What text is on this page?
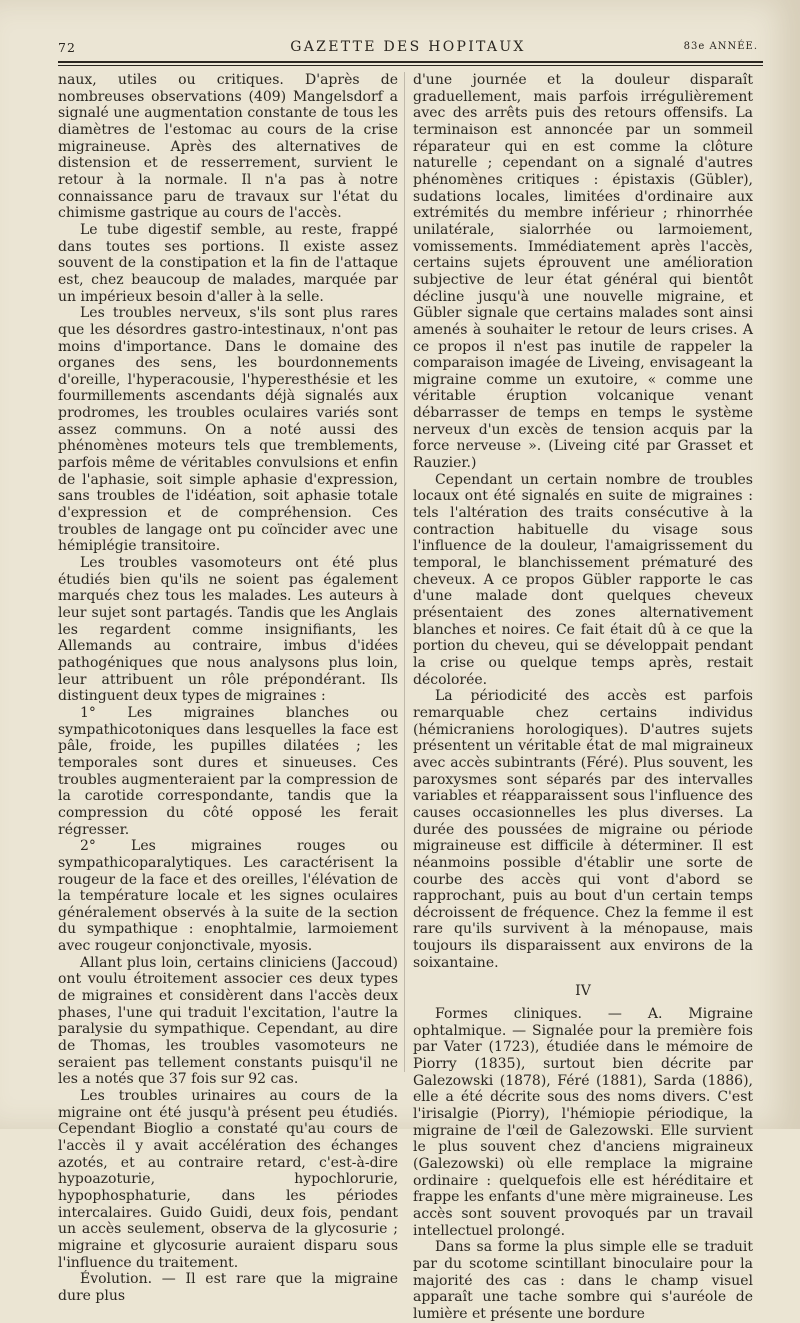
72	GAZETTE DES HOPITAUX	83e ANNÉE.

naux, utiles ou critiques. D'après de nombreuses observations (409) Mangelsdorf a signalé une augmentation constante de tous les diamètres de l'estomac au cours de la crise migraineuse. Après des alternatives de distension et de resserrement, survient le retour à la normale. Il n'a pas à notre connaissance paru de travaux sur l'état du chimisme gastrique au cours de l'accès.

Le tube digestif semble, au reste, frappé dans toutes ses portions. Il existe assez souvent de la constipation et la fin de l'attaque est, chez beaucoup de malades, marquée par un impérieux besoin d'aller à la selle.

Les troubles nerveux, s'ils sont plus rares que les désordres gastro-intestinaux, n'ont pas moins d'importance. Dans le domaine des organes des sens, les bourdonnements d'oreille, l'hyperacousie, l'hyperesthésie et les fourmillements ascendants déjà signalés aux prodromes, les troubles oculaires variés sont assez communs. On a noté aussi des phénomènes moteurs tels que tremblements, parfois même de véritables convulsions et enfin de l'aphasie, soit simple aphasie d'expression, sans troubles de l'idéation, soit aphasie totale d'expression et de compréhension. Ces troubles de langage ont pu coïncider avec une hémiplégie transitoire.

Les troubles vasomoteurs ont été plus étudiés bien qu'ils ne soient pas également marqués chez tous les malades. Les auteurs à leur sujet sont partagés. Tandis que les Anglais les regardent comme insignifiants, les Allemands au contraire, imbus d'idées pathogéniques que nous analysons plus loin, leur attribuent un rôle prépondérant. Ils distinguent deux types de migraines :

1° Les migraines blanches ou sympathicotoniques dans lesquelles la face est pâle, froide, les pupilles dilatées ; les temporales sont dures et sinueuses. Ces troubles augmenteraient par la compression de la carotide correspondante, tandis que la compression du côté opposé les ferait régresser.

2° Les migraines rouges ou sympathicoparalytiques. Les caractérisent la rougeur de la face et des oreilles, l'élévation de la température locale et les signes oculaires généralement observés à la suite de la section du sympathique : enophtalmie, larmoiement avec rougeur conjonctivale, myosis.

Allant plus loin, certains cliniciens (Jaccoud) ont voulu étroitement associer ces deux types de migraines et considèrent dans l'accès deux phases, l'une qui traduit l'excitation, l'autre la paralysie du sympathique. Cependant, au dire de Thomas, les troubles vasomoteurs ne seraient pas tellement constants puisqu'il ne les a notés que 37 fois sur 92 cas.

Les troubles urinaires au cours de la migraine ont été jusqu'à présent peu étudiés. Cependant Bioglio a constaté qu'au cours de l'accès il y avait accélération des échanges azotés, et au contraire retard, c'est-à-dire hypoazoturie, hypochlorurie, hypophosphaturie, dans les périodes intercalaires. Guido Guidi, deux fois, pendant un accès seulement, observa de la glycosurie ; migraine et glycosurie auraient disparu sous l'influence du traitement.

Évolution. — Il est rare que la migraine dure plus

d'une journée et la douleur disparaît graduellement, mais parfois irrégulièrement avec des arrêts puis des retours offensifs. La terminaison est annoncée par un sommeil réparateur qui en est comme la clôture naturelle ; cependant on a signalé d'autres phénomènes critiques : épistaxis (Gübler), sudations locales, limitées d'ordinaire aux extrémités du membre inférieur ; rhinorrhée unilatérale, sialorrhée ou larmoiement, vomissements. Immédiatement après l'accès, certains sujets éprouvent une amélioration subjective de leur état général qui bientôt décline jusqu'à une nouvelle migraine, et Gübler signale que certains malades sont ainsi amenés à souhaiter le retour de leurs crises. A ce propos il n'est pas inutile de rappeler la comparaison imagée de Liveing, envisageant la migraine comme un exutoire, « comme une véritable éruption volcanique venant débarrasser de temps en temps le système nerveux d'un excès de tension acquis par la force nerveuse ». (Liveing cité par Grasset et Rauzier.)

Cependant un certain nombre de troubles locaux ont été signalés en suite de migraines : tels l'altération des traits consécutive à la contraction habituelle du visage sous l'influence de la douleur, l'amaigrissement du temporal, le blanchissement prématuré des cheveux. A ce propos Gübler rapporte le cas d'une malade dont quelques cheveux présentaient des zones alternativement blanches et noires. Ce fait était dû à ce que la portion du cheveu, qui se développait pendant la crise ou quelque temps après, restait décolorée.

La périodicité des accès est parfois remarquable chez certains individus (hémicraniens horologiques). D'autres sujets présentent un véritable état de mal migraineux avec accès subintrants (Féré). Plus souvent, les paroxysmes sont séparés par des intervalles variables et réapparaissent sous l'influence des causes occasionnelles les plus diverses. La durée des poussées de migraine ou période migraineuse est difficile à déterminer. Il est néanmoins possible d'établir une sorte de courbe des accès qui vont d'abord se rapprochant, puis au bout d'un certain temps décroissent de fréquence. Chez la femme il est rare qu'ils survivent à la ménopause, mais toujours ils disparaissent aux environs de la soixantaine.

IV

Formes cliniques. — A. Migraine ophtalmique. — Signalée pour la première fois par Vater (1723), étudiée dans le mémoire de Piorry (1835), surtout bien décrite par Galezowski (1878), Féré (1881), Sarda (1886), elle a été décrite sous des noms divers. C'est l'irisalgie (Piorry), l'hémiopie périodique, la migraine de l'œil de Galezowski. Elle survient le plus souvent chez d'anciens migraineux (Galezowski) où elle remplace la migraine ordinaire : quelquefois elle est héréditaire et frappe les enfants d'une mère migraineuse. Les accès sont souvent provoqués par un travail intellectuel prolongé.

Dans sa forme la plus simple elle se traduit par du scotome scintillant binoculaire pour la majorité des cas : dans le champ visuel apparaît une tache sombre qui s'auréole de lumière et présente une bordure
